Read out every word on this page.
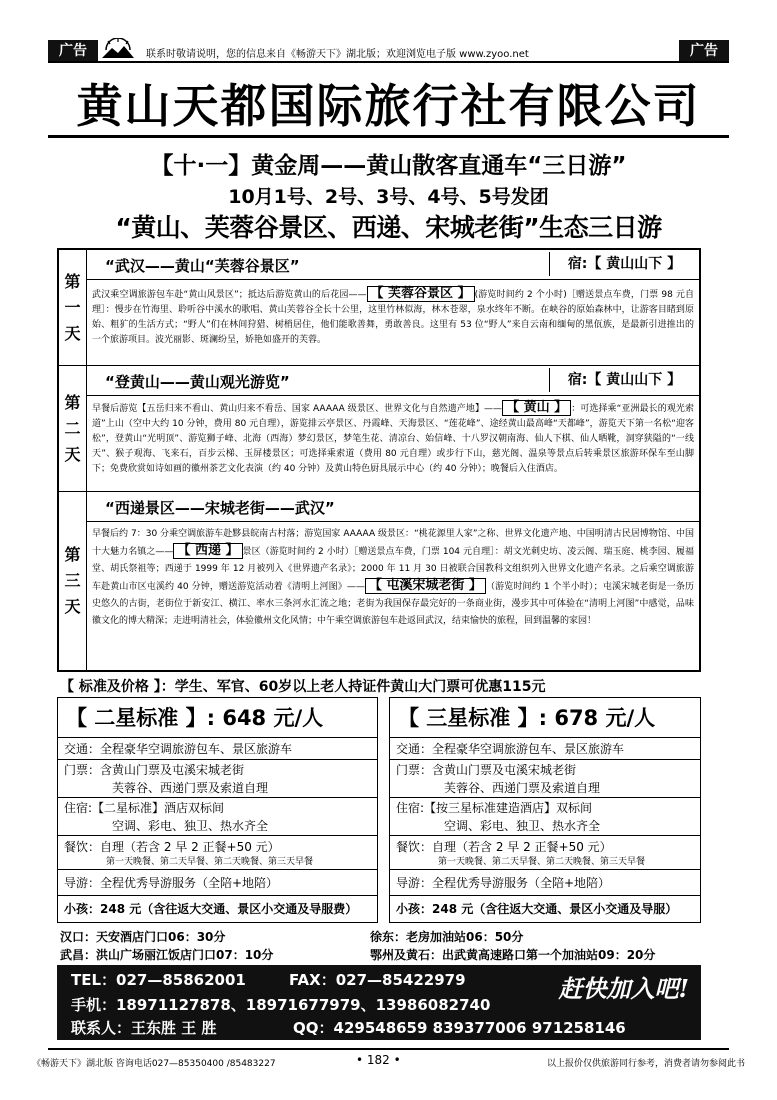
广告	广告
联系时敬请说明，您的信息来自《畅游天下》湖北版；欢迎浏览电子版 www.zyoo.net
黄山天都国际旅行社有限公司
【十·一】黄金周——黄山散客直通车“三日游”
10月1号、2号、3号、4号、5号发团
“黄山、芙蓉谷景区、西递、宋城老街”生态三日游
第
一
天
“武汉——黄山“芙蓉谷景区”	宿:【 黄山山下 】
武汉乘空调旅游包车赴“黄山风景区”；抵达后游览黄山的后花园—— 【 芙蓉谷景区 】 (游览时间约 2 个小时)［赠送景点车费，门票 98 元自理］：慢步在竹海里、聆听谷中溪水的歌唱、黄山芙蓉谷全长十公里，这里竹林似海，林木苍翠，泉水终年不断。在峡谷的原始森林中，让游客目睹到原始、粗犷的生活方式；“野人”们在林间狩猎、树梢居住，他们能歌善舞，勇敢善良。这里有 53 位“野人”来自云南和缅甸的黑佤族，是最新引进推出的一个旅游项目。波光丽影、斑澜纷呈，娇艳如盛开的芙蓉。
第
二
天
“登黄山——黄山观光游览”	宿:【 黄山山下 】
早餐后游览【五岳归来不看山、黄山归来不看岳、国家 AAAAA 级景区、世界文化与自然遗产地】—— 【 黄山 】 ：可选择乘“亚洲最长的观光索道”上山（空中大约 10 分钟，费用 80 元自理），游览排云亭景区、丹霞峰、天海景区、“莲花峰”、途经黄山最高峰“天都峰”，游览天下第一名松“迎客松”，登黄山“光明顶”、游览狮子峰、北海（西海）梦幻景区，梦笔生花、清凉台、始信峰、十八罗汉朝南海、仙人下棋、仙人晒靴，洞穿狭隘的“一线天”、猴子观海、飞来石，百步云梯、玉屏楼景区；可选择乘索道（费用 80 元自理）或步行下山，慈光阁、温泉等景点后转乘景区旅游环保车至山脚下；免费欣赏如诗如画的徽州茶艺文化表演（约 40 分钟）及黄山特色厨具展示中心（约 40 分钟）；晚餐后入住酒店。
第
三
天
“西递景区——宋城老街——武汉”
早餐后约 7：30 分乘空调旅游车赴黟县皖南古村落；游览国家 AAAAA 级景区：“桃花源里人家”之称、世界文化遗产地、中国明清古民居博物馆、中国十大魅力名镇之—— 【 西递 】 景区（游览时间约 2 小时）［赠送景点车费，门票 104 元自理］：胡文光刺史坊、凌云阁、瑞玉庭、桃李园、履福堂、胡氏祭祖等；西递于 1999 年 12 月被列入《世界遗产名录》；2000 年 11 月 30 日被联合国教科文组织列入世界文化遗产名录。之后乘空调旅游车赴黄山市区屯溪约 40 分钟，赠送游览活动着《清明上河图》—— 【 屯溪宋城老街 】 （游览时间约 1 个半小时）；屯溪宋城老街是一条历史悠久的古街，老街位于新安江、横江、率水三条河水汇流之地；老街为我国保存最完好的一条商业街，漫步其中可体验在“清明上河图”中感觉，品味徽文化的博大精深；走进明清社会，体验徽州文化风情；中午乘空调旅游包车赴返回武汉，结束愉快的旅程，回到温馨的家园！
【 标准及价格 】：学生、军官、60岁以上老人持证件黄山大门票可优惠115元
【 二星标准 】: 648 元/人
交通：全程豪华空调旅游包车、景区旅游车
门票：含黄山门票及屯溪宋城老街
芙蓉谷、西递门票及索道自理
住宿:【二星标准】酒店双标间
空调、彩电、独卫、热水齐全
餐饮：自理（若含 2 早 2 正餐+50 元）
第一天晚餐、第二天早餐、第二天晚餐、第三天早餐
导游：全程优秀导游服务（全陪+地陪）
小孩：248 元（含往返大交通、景区小交通及导服费）
【 三星标准 】: 678 元/人
交通：全程豪华空调旅游包车、景区旅游车
门票：含黄山门票及屯溪宋城老街
芙蓉谷、西递门票及索道自理
住宿:【按三星标准建造酒店】双标间
空调、彩电、独卫、热水齐全
餐饮：自理（若含 2 早 2 正餐+50 元）
第一天晚餐、第二天早餐、第二天晚餐、第三天早餐
导游：全程优秀导游服务（全陪+地陪）
小孩：248 元（含往返大交通、景区小交通及导服）
汉口：天安酒店门口06：30分	徐东：老房加油站06：50分
武昌：洪山广场丽江饭店门口07：10分	鄂州及黄石：出武黄高速路口第一个加油站09：20分
TEL：027—85862001	FAX：027—85422979
手机：18971127878、18971677979、13986082740
联系人：王东胜 王 胜	QQ：429548659 839377006 971258146
赶快加入吧!
《畅游天下》湖北版 咨询电话027—85350400 /85483227	• 182 •	以上报价仅供旅游同行参考，消费者请勿参阅此书
